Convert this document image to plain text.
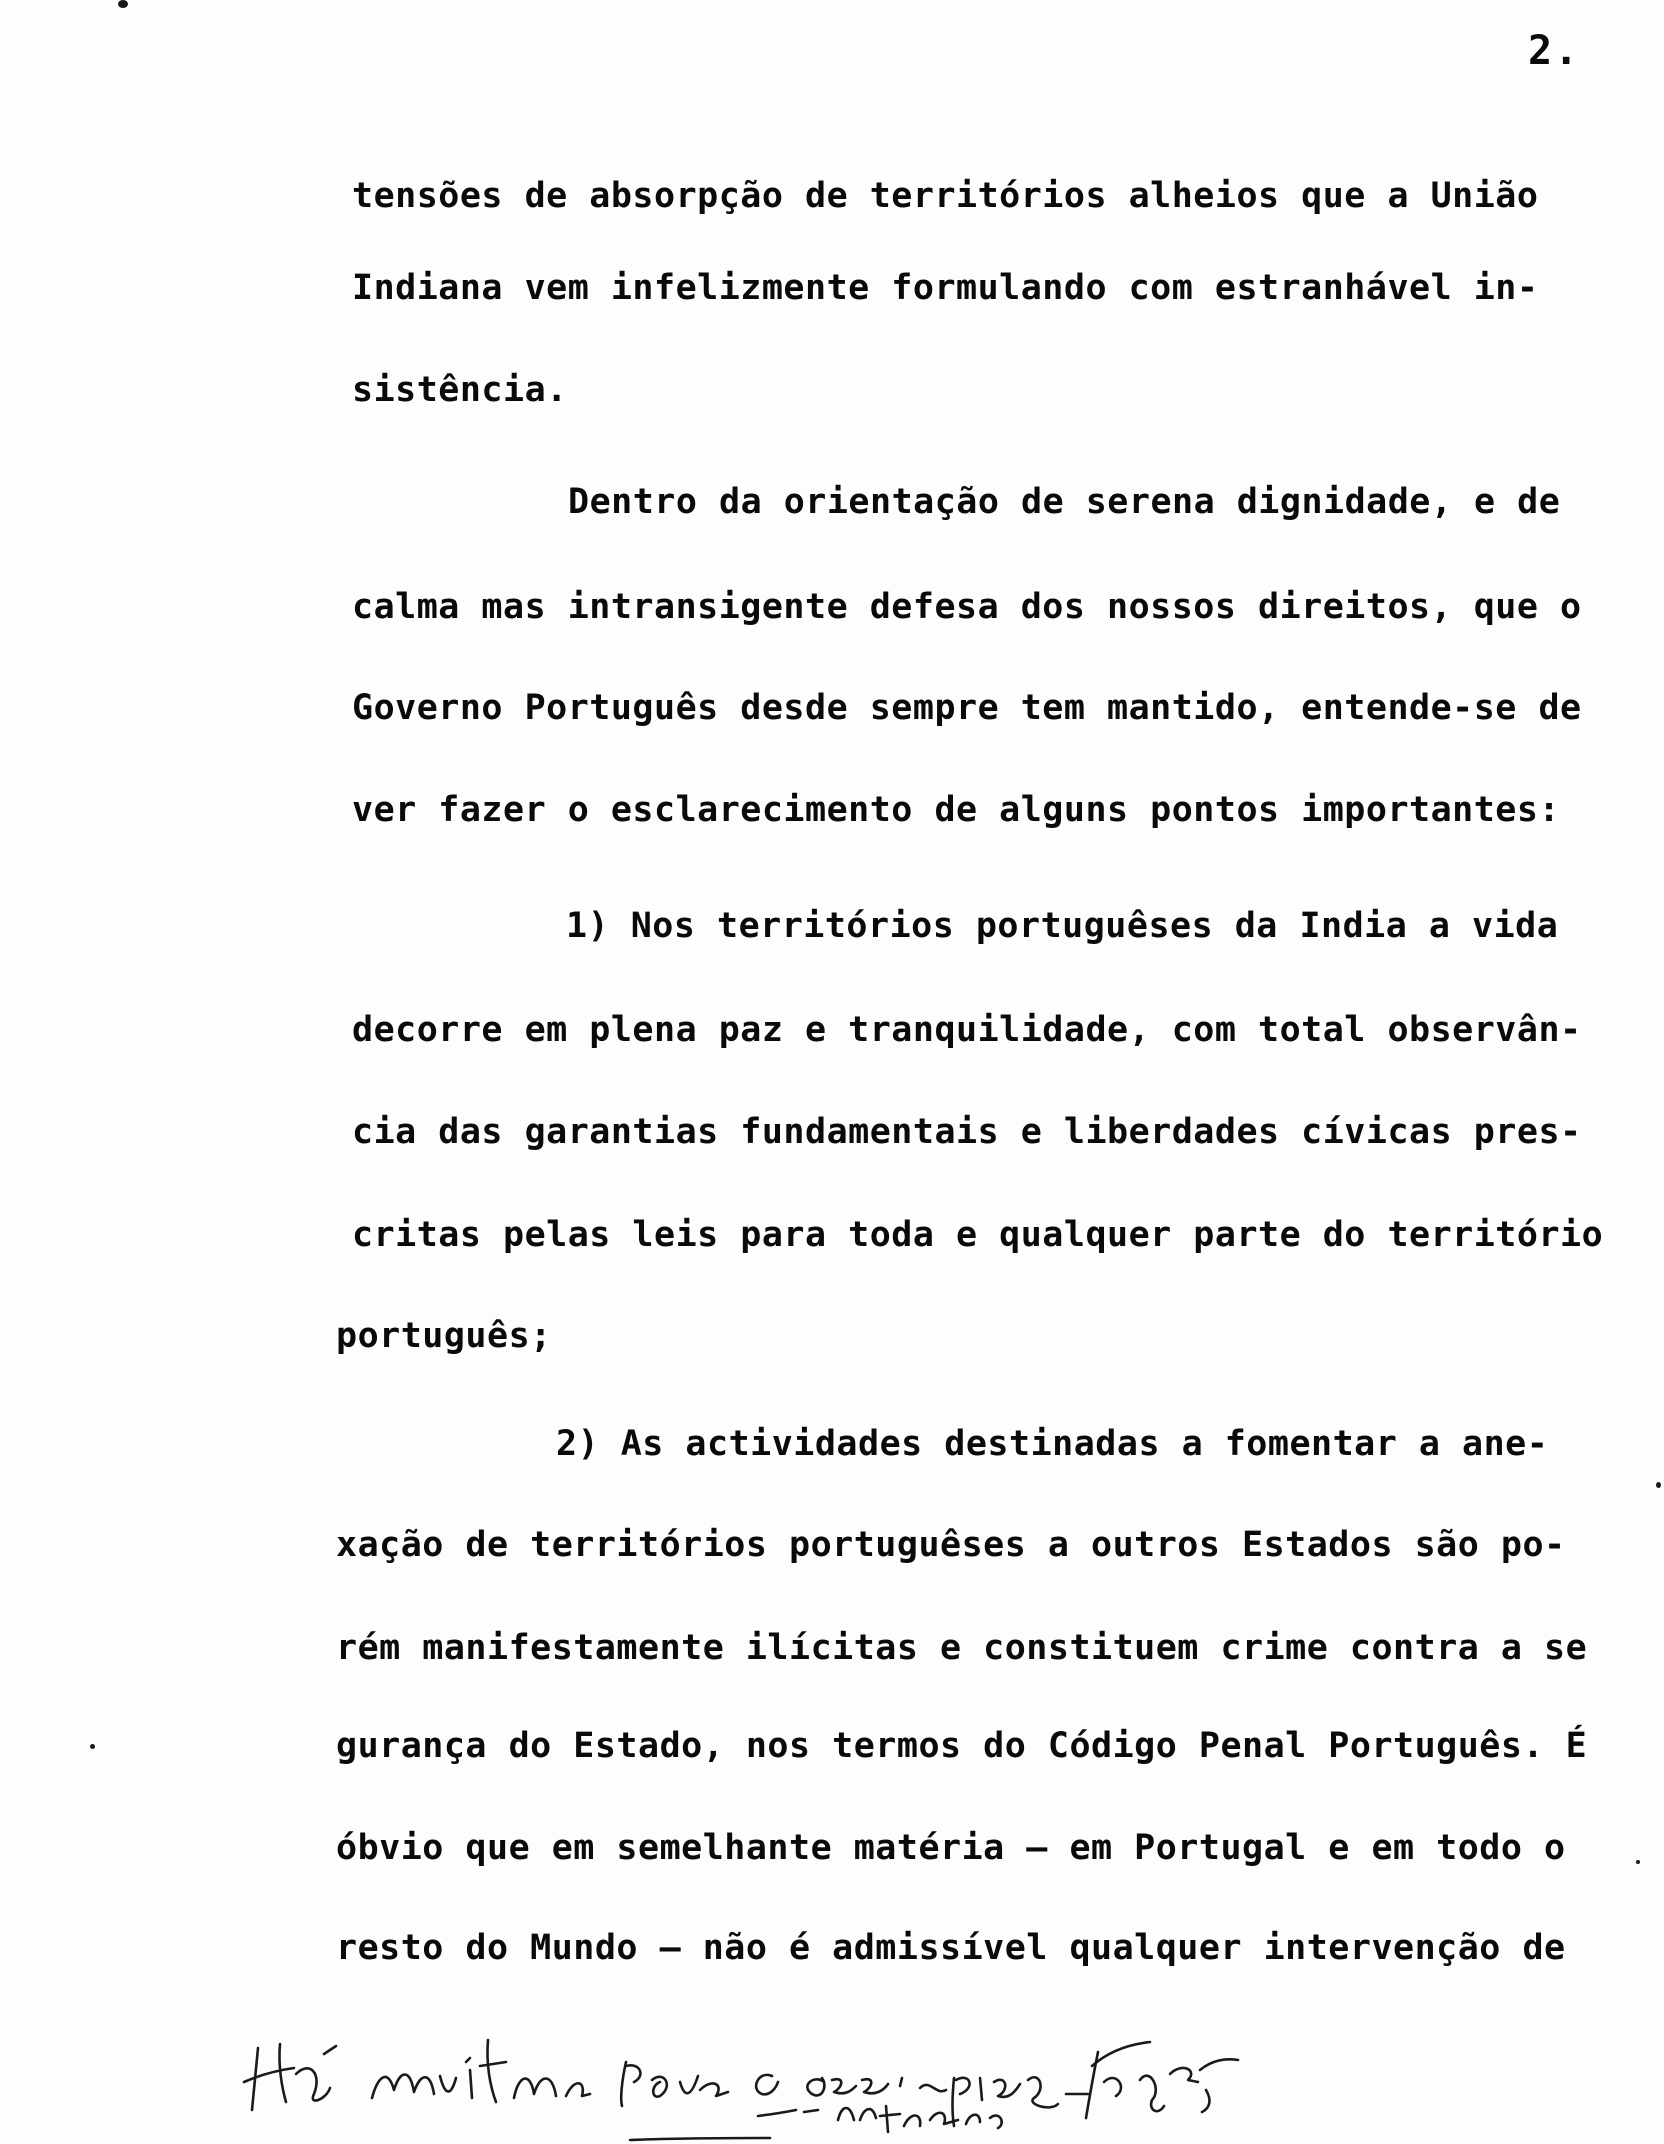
2.
tensões de absorpção de territórios alheios que a União
Indiana vem infelizmente formulando com estranhável in-
sistência.
Dentro da orientação de serena dignidade, e de
calma mas intransigente defesa dos nossos direitos, que o
Governo Português desde sempre tem mantido, entende-se de
ver fazer o esclarecimento de alguns pontos importantes:
1) Nos territórios portuguêses da India a vida
decorre em plena paz e tranquilidade, com total observân-
cia das garantias fundamentais e liberdades cívicas pres-
critas pelas leis para toda e qualquer parte do território
português;
2) As actividades destinadas a fomentar a ane-
xação de territórios portuguêses a outros Estados são po-
rém manifestamente ilícitas e constituem crime contra a se
gurança do Estado, nos termos do Código Penal Português. É
óbvio que em semelhante matéria — em Portugal e em todo o
resto do Mundo — não é admissível qualquer intervenção de
